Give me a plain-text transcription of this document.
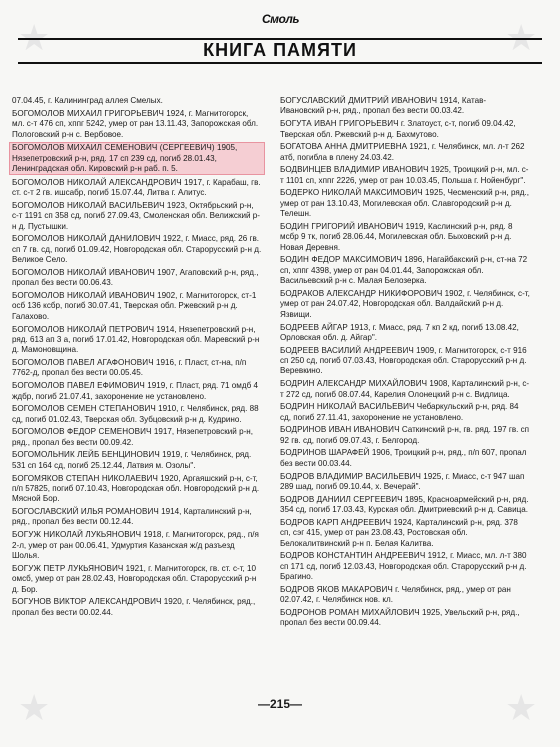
★	★
★	★
Смоль
КНИГА ПАМЯТИ

07.04.45, г. Калининград аллея Смелых.

БОГОМОЛОВ МИХАИЛ ГРИГОРЬЕВИЧ 1924, г. Магнитогорск, мл. с-т 476 сп, хппг 5242, умер от ран 13.11.43, Запорожская обл. Пологовский р-н с. Вербовое.

БОГОМОЛОВ МИХАИЛ СЕМЕНОВИЧ (СЕРГЕЕВИЧ) 1905, Нязепетровский р-н, ряд. 17 сп 239 сд, погиб 28.01.43, Ленинградская обл. Кировский р-н раб. п. 5.

БОГОМОЛОВ НИКОЛАЙ АЛЕКСАНДРОВИЧ 1917, г. Карабаш, гв. ст. с-т 2 гв. ишсабр, погиб 15.07.44, Литва г. Алитус.

БОГОМОЛОВ НИКОЛАЙ ВАСИЛЬЕВИЧ 1923, Октябрьский р-н, с-т 1191 сп 358 сд, погиб 27.09.43, Смоленская обл. Велижский р-н д. Пустышки.

БОГОМОЛОВ НИКОЛАЙ ДАНИЛОВИЧ 1922, г. Миасс, ряд. 26 гв. сп 7 гв. сд, погиб 01.09.42, Новгородская обл. Старорусский р-н д. Великое Село.

БОГОМОЛОВ НИКОЛАЙ ИВАНОВИЧ 1907, Агаповский р-н, ряд., пропал без вести 00.06.43.

БОГОМОЛОВ НИКОЛАЙ ИВАНОВИЧ 1902, г. Магнитогорск, ст-1 осб 136 ксбр, погиб 30.07.41, Тверская обл. Ржевский р-н д. Галахово.

БОГОМОЛОВ НИКОЛАЙ ПЕТРОВИЧ 1914, Нязепетровский р-н, ряд. 613 ап 3 а, погиб 17.01.42, Новгородская обл. Маревский р-н д. Мамоновщина.

БОГОМОЛОВ ПАВЕЛ АГАФОНОВИЧ 1916, г. Пласт, ст-на, п/п 7762-д, пропал без вести 00.05.45.

БОГОМОЛОВ ПАВЕЛ ЕФИМОВИЧ 1919, г. Пласт, ряд. 71 омдб 4 ждбр, погиб 21.07.41, захоронение не установлено.

БОГОМОЛОВ СЕМЕН СТЕПАНОВИЧ 1910, г. Челябинск, ряд. 88 сд, погиб 01.02.43, Тверская обл. Зубцовский р-н д. Кудрино.

БОГОМОЛОВ ФЕДОР СЕМЕНОВИЧ 1917, Нязепетровский р-н, ряд., пропал без вести 00.09.42.

БОГОМОЛЬНИК ЛЕЙБ БЕНЦИНОВИЧ 1919, г. Челябинск, ряд. 531 сп 164 сд, погиб 25.12.44, Латвия м. Озолы".

БОГОМЯКОВ СТЕПАН НИКОЛАЕВИЧ 1920, Аргаяшский р-н, с-т, п/п 57825, погиб 07.10.43, Новгородская обл. Новгородский р-н д. Мясной Бор.

БОГОСЛАВСКИЙ ИЛЬЯ РОМАНОВИЧ 1914, Карталинский р-н, ряд., пропал без вести 00.12.44.

БОГУЖ НИКОЛАЙ ЛУКЬЯНОВИЧ 1918, г. Магнитогорск, ряд., п/я 2-л, умер от ран 00.06.41, Удмуртия Казанская ж/д разъезд Шолья.

БОГУЖ ПЕТР ЛУКЬЯНОВИЧ 1921, г. Магнитогорск, гв. ст. с-т, 10 омсб, умер от ран 28.02.43, Новгородская обл. Старорусский р-н д. Бор.

БОГУНОВ ВИКТОР АЛЕКСАНДРОВИЧ 1920, г. Челябинск, ряд., пропал без вести 00.02.44.

БОГУСЛАВСКИЙ ДМИТРИЙ ИВАНОВИЧ 1914, Катав-Ивановский р-н, ряд., пропал без вести 00.03.42.

БОГУТА ИВАН ГРИГОРЬЕВИЧ г. Златоуст, с-т, погиб 09.04.42, Тверская обл. Ржевский р-н д. Бахмутово.

БОГАТОВА АННА ДМИТРИЕВНА 1921, г. Челябинск, мл. л-т 262 атб, погибла в плену 24.03.42.

БОДВИНЦЕВ ВЛАДИМИР ИВАНОВИЧ 1925, Троицкий р-н, мл. с-т 1101 сп, хппг 2226, умер от ран 10.03.45, Польша г. Нойенбург".

БОДЕРКО НИКОЛАЙ МАКСИМОВИЧ 1925, Чесменский р-н, ряд., умер от ран 13.10.43, Могилевская обл. Славгородский р-н д. Телешн.

БОДИН ГРИГОРИЙ ИВАНОВИЧ 1919, Каслинский р-н, ряд. 8 мсбр 9 тк, погиб 28.06.44, Могилевская обл. Быховский р-н д. Новая Деревня.

БОДИН ФЕДОР МАКСИМОВИЧ 1896, Нагайбакский р-н, ст-на 72 сп, хппг 4398, умер от ран 04.01.44, Запорожская обл. Васильевский р-н с. Малая Белозерка.

БОДРАКОВ АЛЕКСАНДР НИКИФОРОВИЧ 1902, г. Челябинск, с-т, умер от ран 24.07.42, Новгородская обл. Валдайский р-н д. Язвищи.

БОДРЕЕВ АЙГАР 1913, г. Миасс, ряд. 7 кп 2 кд, погиб 13.08.42, Орловская обл. д. Айгар".

БОДРЕЕВ ВАСИЛИЙ АНДРЕЕВИЧ 1909, г. Магнитогорск, с-т 916 сп 250 сд, погиб 07.03.43, Новгородская обл. Старорусский р-н д. Веревкино.

БОДРИН АЛЕКСАНДР МИХАЙЛОВИЧ 1908, Карталинский р-н, с-т 272 сд, погиб 08.07.44, Карелия Олонецкий р-н с. Видлица.

БОДРИН НИКОЛАЙ ВАСИЛЬЕВИЧ Чебаркульский р-н, ряд. 84 сд, погиб 27.11.41, захоронение не установлено.

БОДРИНОВ ИВАН ИВАНОВИЧ Саткинский р-н, гв. ряд. 197 гв. сп 92 гв. сд, погиб 09.07.43, г. Белгород.

БОДРИНОВ ШАРАФЕЙ 1906, Троицкий р-н, ряд., п/п 607, пропал без вести 00.03.44.

БОДРОВ ВЛАДИМИР ВАСИЛЬЕВИЧ 1925, г. Миасс, с-т 947 шап 289 шад, погиб 09.10.44, х. Вечерай".

БОДРОВ ДАНИИЛ СЕРГЕЕВИЧ 1895, Красноармейский р-н, ряд. 354 сд, погиб 17.03.43, Курская обл. Дмитриевский р-н д. Савица.

БОДРОВ КАРП АНДРЕЕВИЧ 1924, Карталинский р-н, ряд. 378 сп, сэг 415, умер от ран 23.08.43, Ростовская обл. Белокалитвинский р-н п. Белая Калитва.

БОДРОВ КОНСТАНТИН АНДРЕЕВИЧ 1912, г. Миасс, мл. л-т 380 сп 171 сд, погиб 12.03.43, Новгородская обл. Старорусский р-н д. Брагино.

БОДРОВ ЯКОВ МАКАРОВИЧ г. Челябинск, ряд., умер от ран 02.07.42, г. Челябинск нов. кл.

БОДРОНОВ РОМАН МИХАЙЛОВИЧ 1925, Увельский р-н, ряд., пропал без вести 00.09.44.

—215—
